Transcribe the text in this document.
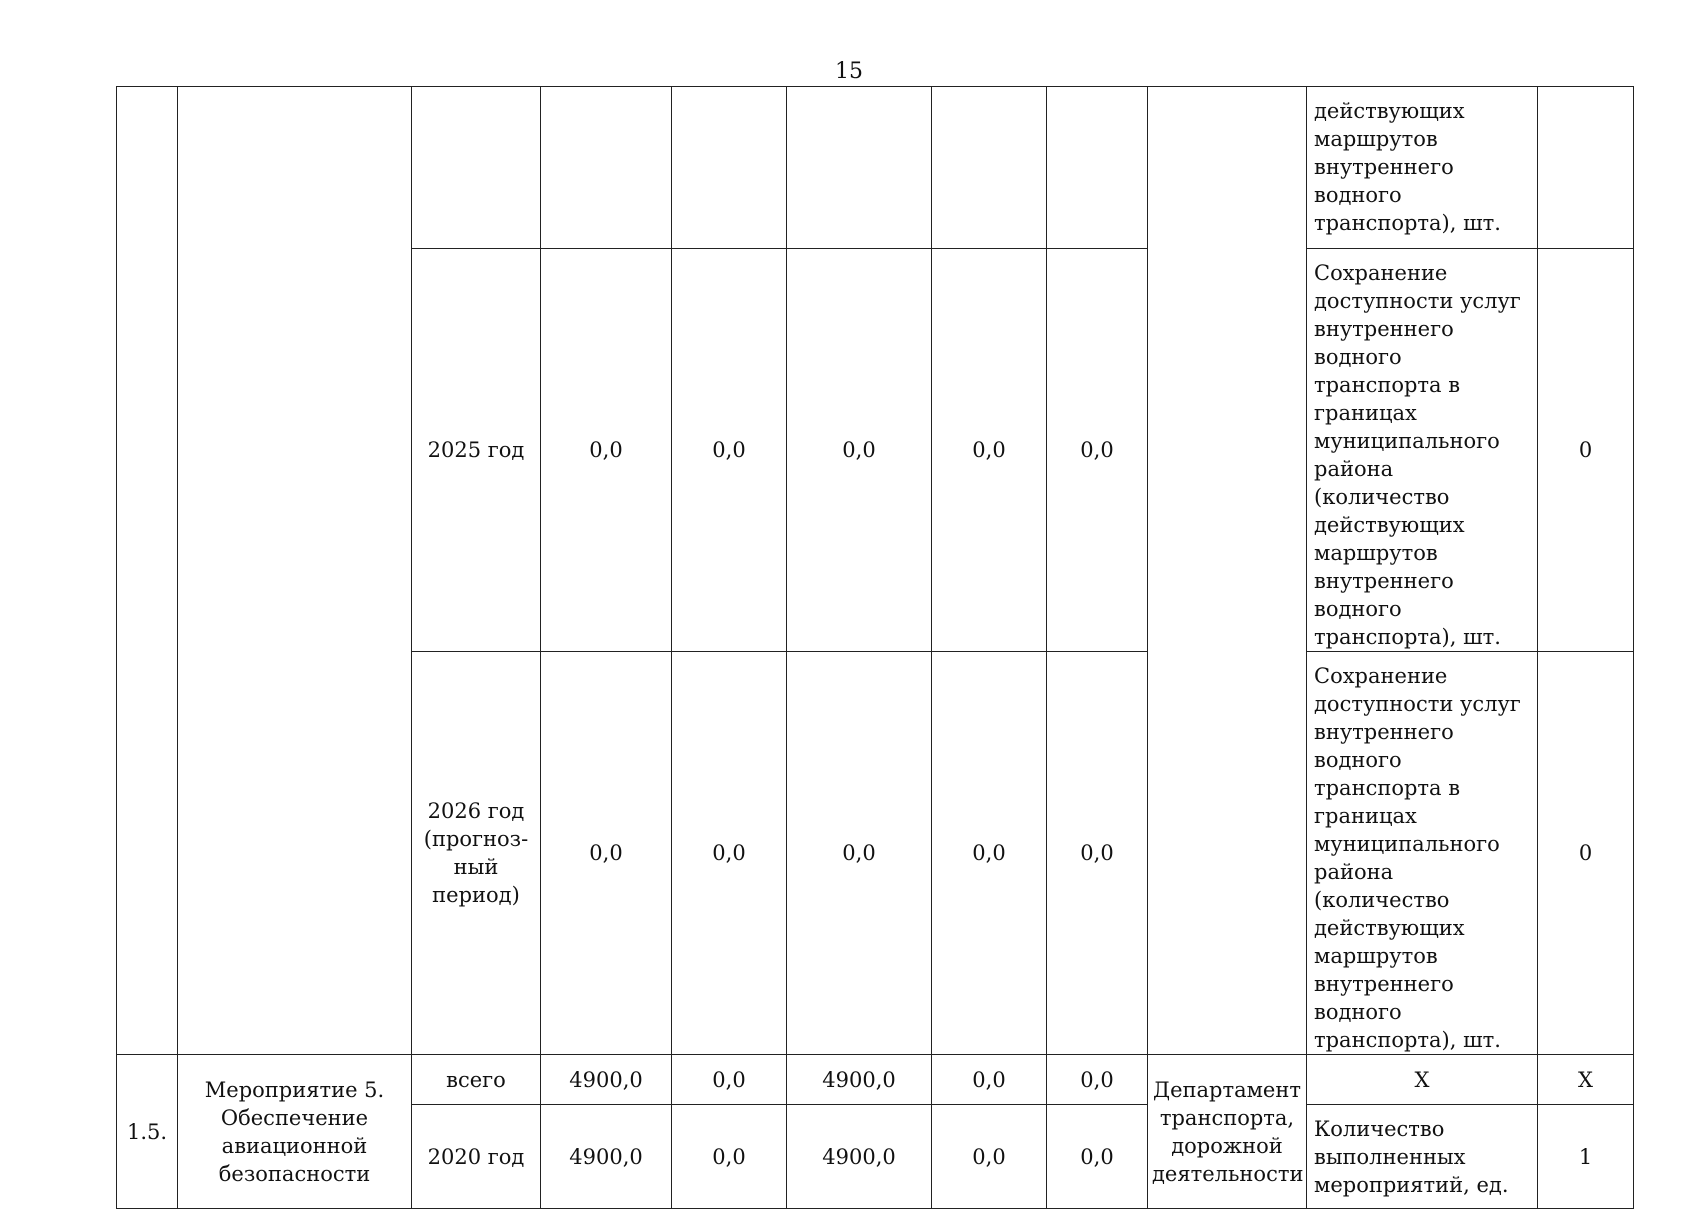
15

									действующих маршрутов внутреннего водного транспорта), шт.	

		2025 год	0,0	0,0	0,0	0,0	0,0		Сохранение доступности услуг внутреннего водного транспорта в границах муниципального района (количество действующих маршрутов внутреннего водного транспорта), шт.	0

		2026 год (прогноз-ный период)	0,0	0,0	0,0	0,0	0,0		Сохранение доступности услуг внутреннего водного транспорта в границах муниципального района (количество действующих маршрутов внутреннего водного транспорта), шт.	0
1.5.	Мероприятие 5. Обеспечение авиационной безопасности	всего	4900,0	0,0	4900,0	0,0	0,0	Департамент транспорта, дорожной деятельности	Х	Х
		2020 год	4900,0	0,0	4900,0	0,0	0,0		Количество выполненных мероприятий, ед.	1
